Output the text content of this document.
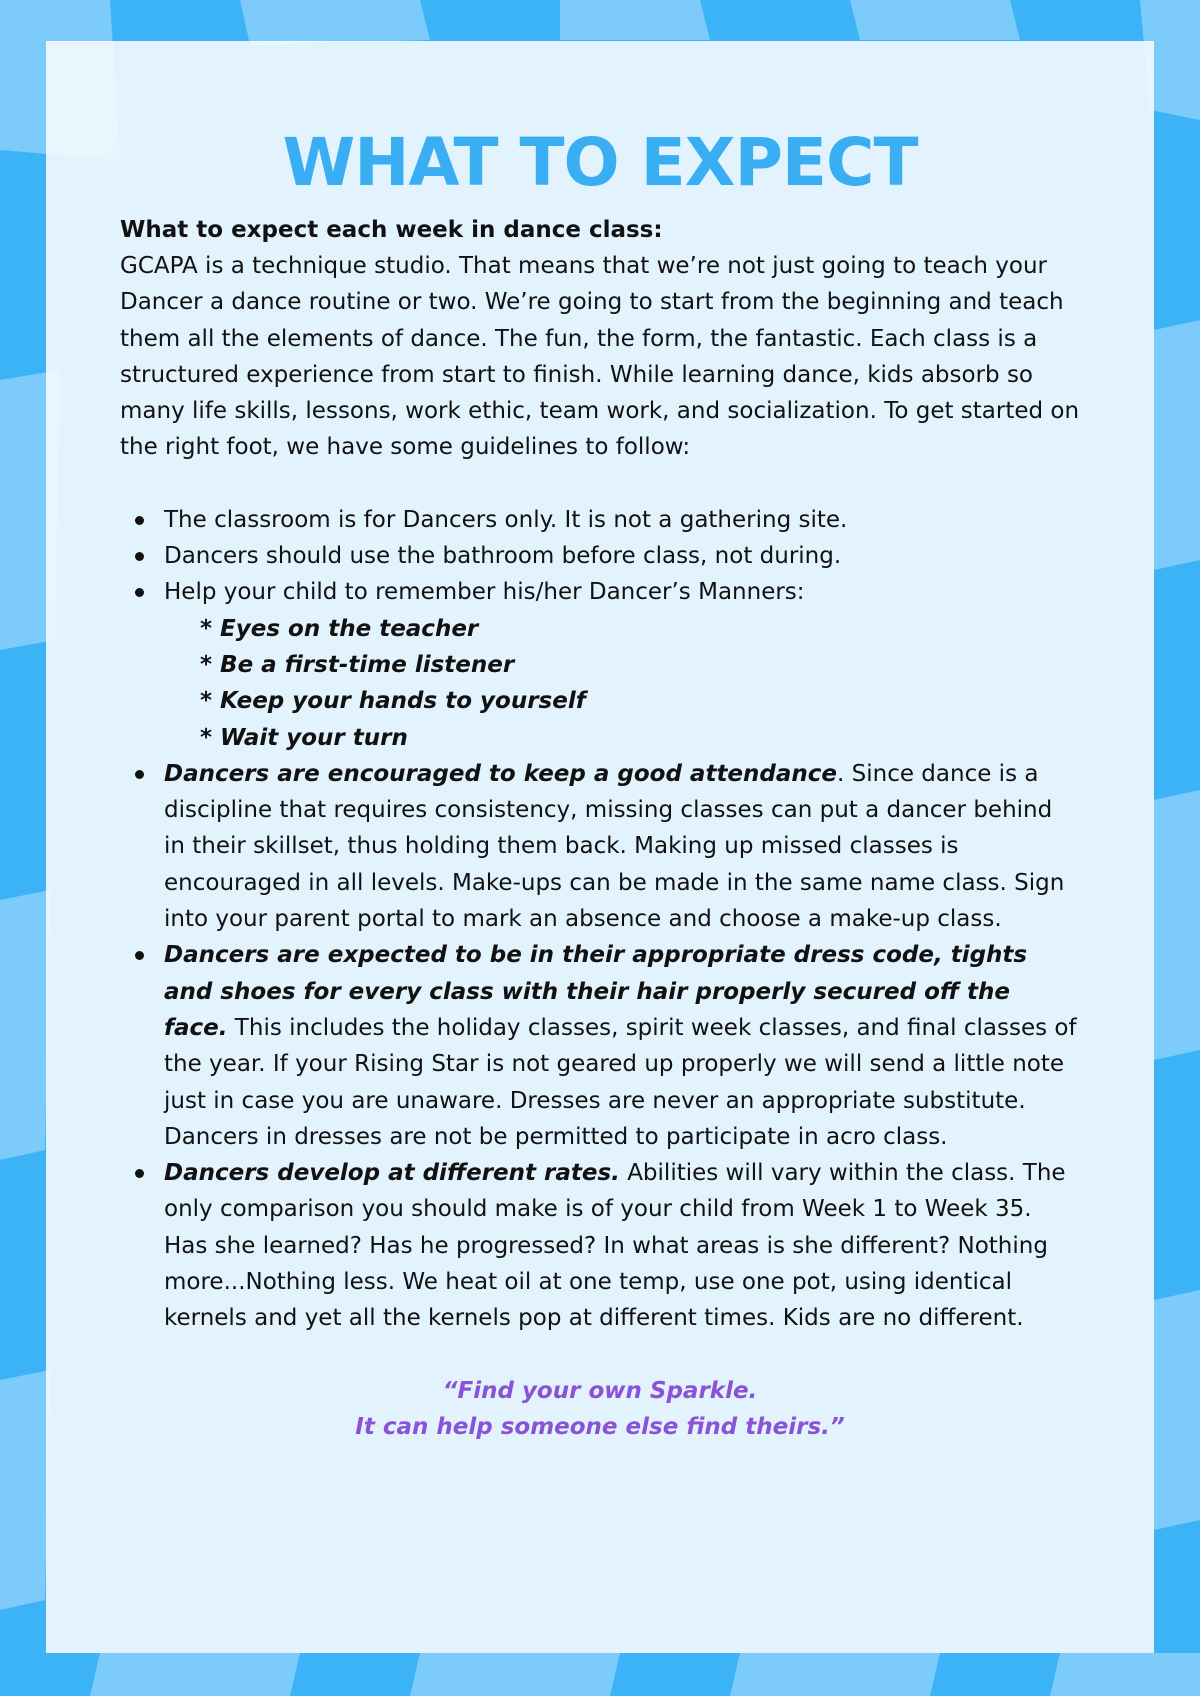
WHAT TO EXPECT
What to expect each week in dance class:

GCAPA is a technique studio. That means that we’re not just going to teach your Dancer a dance routine or two. We’re going to start from the beginning and teach them all the elements of dance. The fun, the form, the fantastic. Each class is a structured experience from start to finish. While learning dance, kids absorb so many life skills, lessons, work ethic, team work, and socialization. To get started on the right foot, we have some guidelines to follow:

The classroom is for Dancers only. It is not a gathering site.
Dancers should use the bathroom before class, not during.
Help your child to remember his/her Dancer’s Manners:
* Eyes on the teacher
* Be a first-time listener
* Keep your hands to yourself
* Wait your turn
Dancers are encouraged to keep a good attendance. Since dance is a discipline that requires consistency, missing classes can put a dancer behind in their skillset, thus holding them back. Making up missed classes is encouraged in all levels. Make-ups can be made in the same name class. Sign into your parent portal to mark an absence and choose a make-up class.
Dancers are expected to be in their appropriate dress code, tights and shoes for every class with their hair properly secured off the face. This includes the holiday classes, spirit week classes, and final classes of the year. If your Rising Star is not geared up properly we will send a little note just in case you are unaware. Dresses are never an appropriate substitute. Dancers in dresses are not be permitted to participate in acro class.
Dancers develop at different rates. Abilities will vary within the class. The only comparison you should make is of your child from Week 1 to Week 35. Has she learned? Has he progressed? In what areas is she different? Nothing more...Nothing less. We heat oil at one temp, use one pot, using identical kernels and yet all the kernels pop at different times. Kids are no different.
“Find your own Sparkle.
It can help someone else find theirs.”
